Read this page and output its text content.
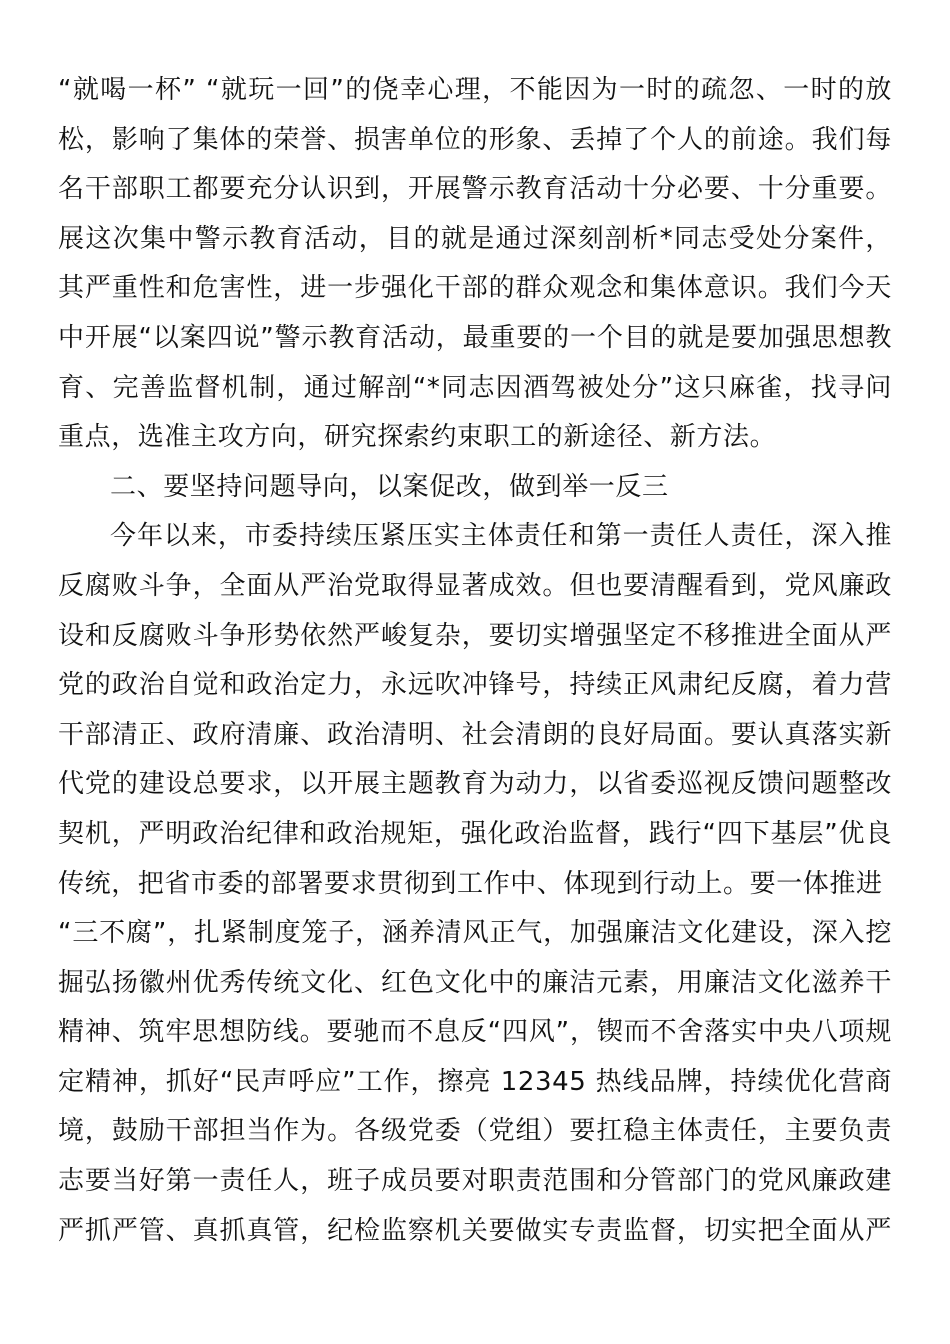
“就喝一杯” “就玩一回”的侥幸心理，不能因为一时的疏忽、一时的放
松，影响了集体的荣誉、损害单位的形象、丢掉了个人的前途。我们每
名干部职工都要充分认识到，开展警示教育活动十分必要、十分重要。
展这次集中警示教育活动，目的就是通过深刻剖析*同志受处分案件，
其严重性和危害性，进一步强化干部的群众观念和集体意识。我们今天
中开展“以案四说”警示教育活动，最重要的一个目的就是要加强思想教
育、完善监督机制，通过解剖“*同志因酒驾被处分”这只麻雀，找寻问
重点，选准主攻方向，研究探索约束职工的新途径、新方法。
二、要坚持问题导向，以案促改，做到举一反三
今年以来，市委持续压紧压实主体责任和第一责任人责任，深入推
反腐败斗争，全面从严治党取得显著成效。但也要清醒看到，党风廉政
设和反腐败斗争形势依然严峻复杂，要切实增强坚定不移推进全面从严
党的政治自觉和政治定力，永远吹冲锋号，持续正风肃纪反腐，着力营
干部清正、政府清廉、政治清明、社会清朗的良好局面。要认真落实新
代党的建设总要求，以开展主题教育为动力，以省委巡视反馈问题整改
契机，严明政治纪律和政治规矩，强化政治监督，践行“四下基层”优良
传统，把省市委的部署要求贯彻到工作中、体现到行动上。要一体推进
“三不腐”，扎紧制度笼子，涵养清风正气，加强廉洁文化建设，深入挖
掘弘扬徽州优秀传统文化、红色文化中的廉洁元素，用廉洁文化滋养干
精神、筑牢思想防线。要驰而不息反“四风”，锲而不舍落实中央八项规
定精神，抓好“民声呼应”工作，擦亮 12345 热线品牌，持续优化营商
境，鼓励干部担当作为。各级党委（党组）要扛稳主体责任，主要负责
志要当好第一责任人，班子成员要对职责范围和分管部门的党风廉政建
严抓严管、真抓真管，纪检监察机关要做实专责监督，切实把全面从严
